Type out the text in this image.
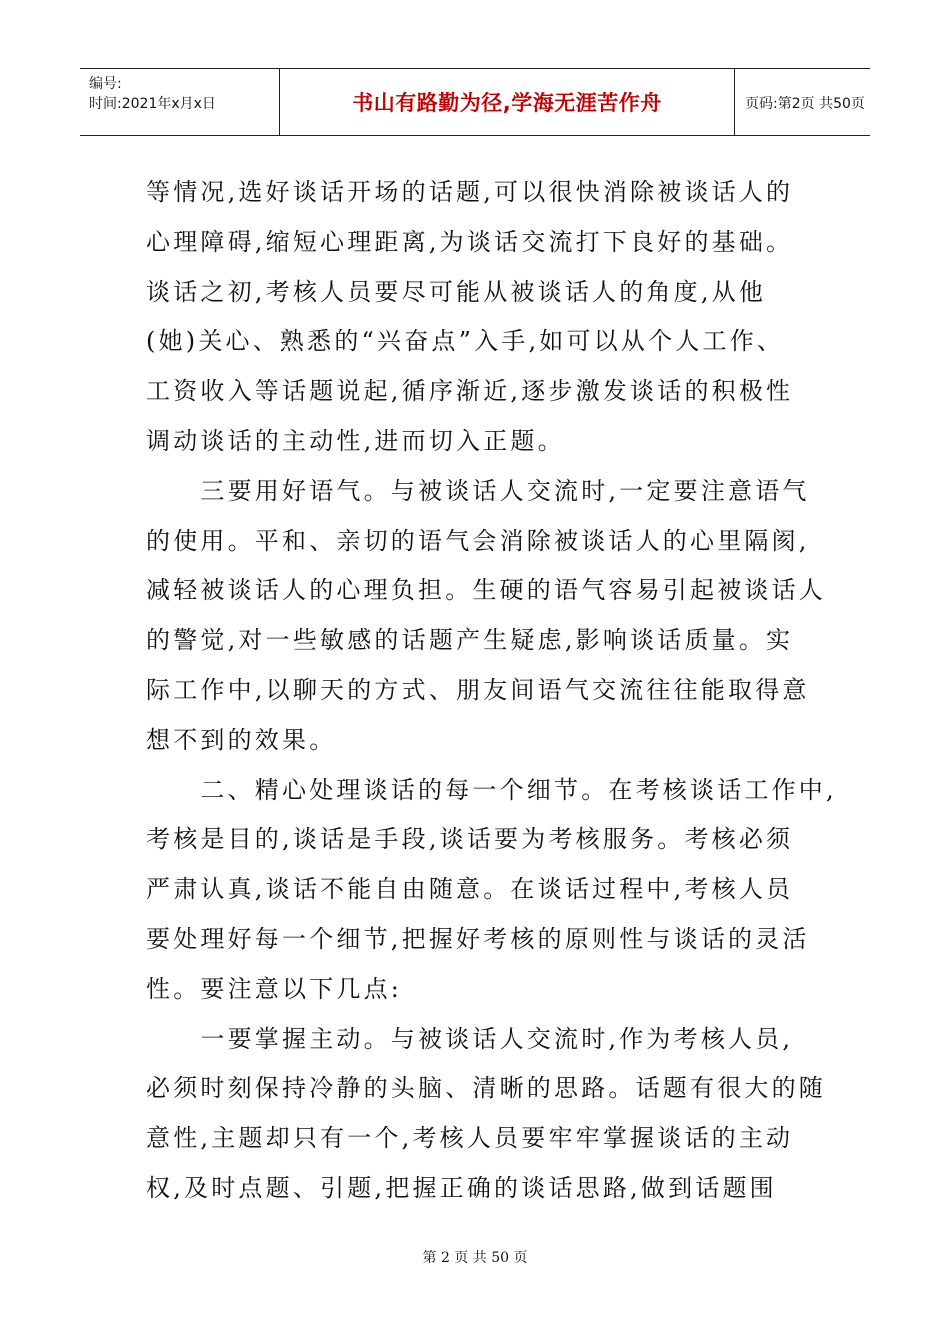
编号:
时间:2021年x月x日	书山有路勤为径,学海无涯苦作舟	页码:第2页 共50页
等情况,选好谈话开场的话题,可以很快消除被谈话人的
心理障碍,缩短心理距离,为谈话交流打下良好的基础。
谈话之初,考核人员要尽可能从被谈话人的角度,从他
(她)关心、熟悉的“兴奋点”入手,如可以从个人工作、
工资收入等话题说起,循序渐近,逐步激发谈话的积极性
调动谈话的主动性,进而切入正题。
　　三要用好语气。与被谈话人交流时,一定要注意语气
的使用。平和、亲切的语气会消除被谈话人的心里隔阂,
减轻被谈话人的心理负担。生硬的语气容易引起被谈话人
的警觉,对一些敏感的话题产生疑虑,影响谈话质量。实
际工作中,以聊天的方式、朋友间语气交流往往能取得意
想不到的效果。
　　二、精心处理谈话的每一个细节。在考核谈话工作中,
考核是目的,谈话是手段,谈话要为考核服务。考核必须
严肃认真,谈话不能自由随意。在谈话过程中,考核人员
要处理好每一个细节,把握好考核的原则性与谈话的灵活
性。要注意以下几点:
　　一要掌握主动。与被谈话人交流时,作为考核人员,
必须时刻保持冷静的头脑、清晰的思路。话题有很大的随
意性,主题却只有一个,考核人员要牢牢掌握谈话的主动
权,及时点题、引题,把握正确的谈话思路,做到话题围
第 2 页 共 50 页
